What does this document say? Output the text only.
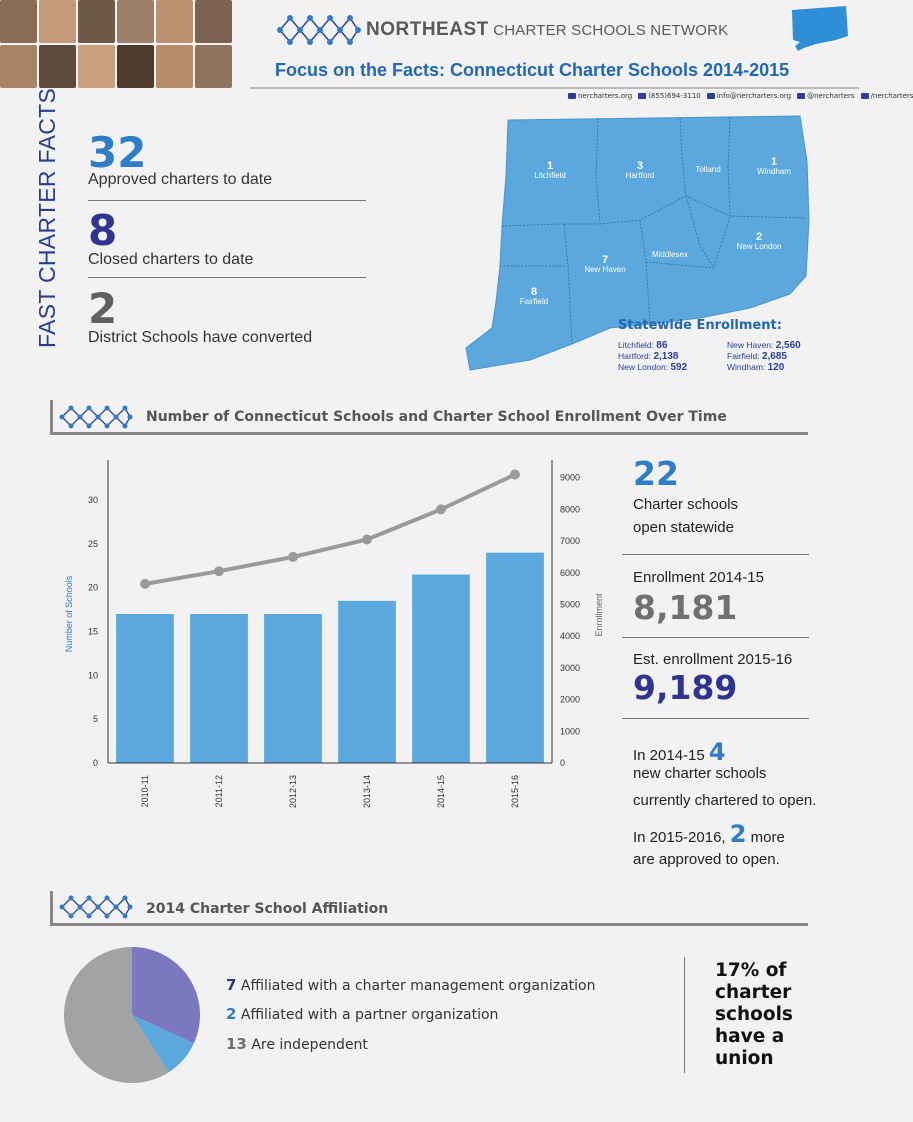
NORTHEAST CHARTER SCHOOLS NETWORK
Focus on the Facts: Connecticut Charter Schools 2014-2015
nercharters.org	(855)694-3110	info@nercharters.org	@nercharters	/nercharters
FAST CHARTER FACTS 32
Approved charters to date
8
Closed charters to date
2
District Schools have converted
1
Litchfield
3
Hartford
Tolland
1
Windham
7
New Haven
Middlesex
2
New London
8
Fairfield
Statewide Enrollment:
Litchfield: 86	New Haven: 2,560
Hartford: 2,138	Fairfield: 2,685
New London: 592	Windham: 120
Number of Connecticut Schools and Charter School Enrollment Over Time
0
5
10
15
20
25
30
0
1000
2000
3000
4000
5000
6000
7000
8000
9000
2010-11	2011-12	2012-13	2013-14	2014-15	2015-16
Number of Schools	Enrollment
22
Charter schools
open statewide
Enrollment 2014-15
8,181
Est. enrollment 2015-16
9,189
In 2014-15 4
new charter schools
currently chartered to open.
In 2015-2016, 2 more
are approved to open.
2014 Charter School Affiliation
7 Affiliated with a charter management organization
2 Affiliated with a partner organization
13 Are independent
17% of charter schools have a union
